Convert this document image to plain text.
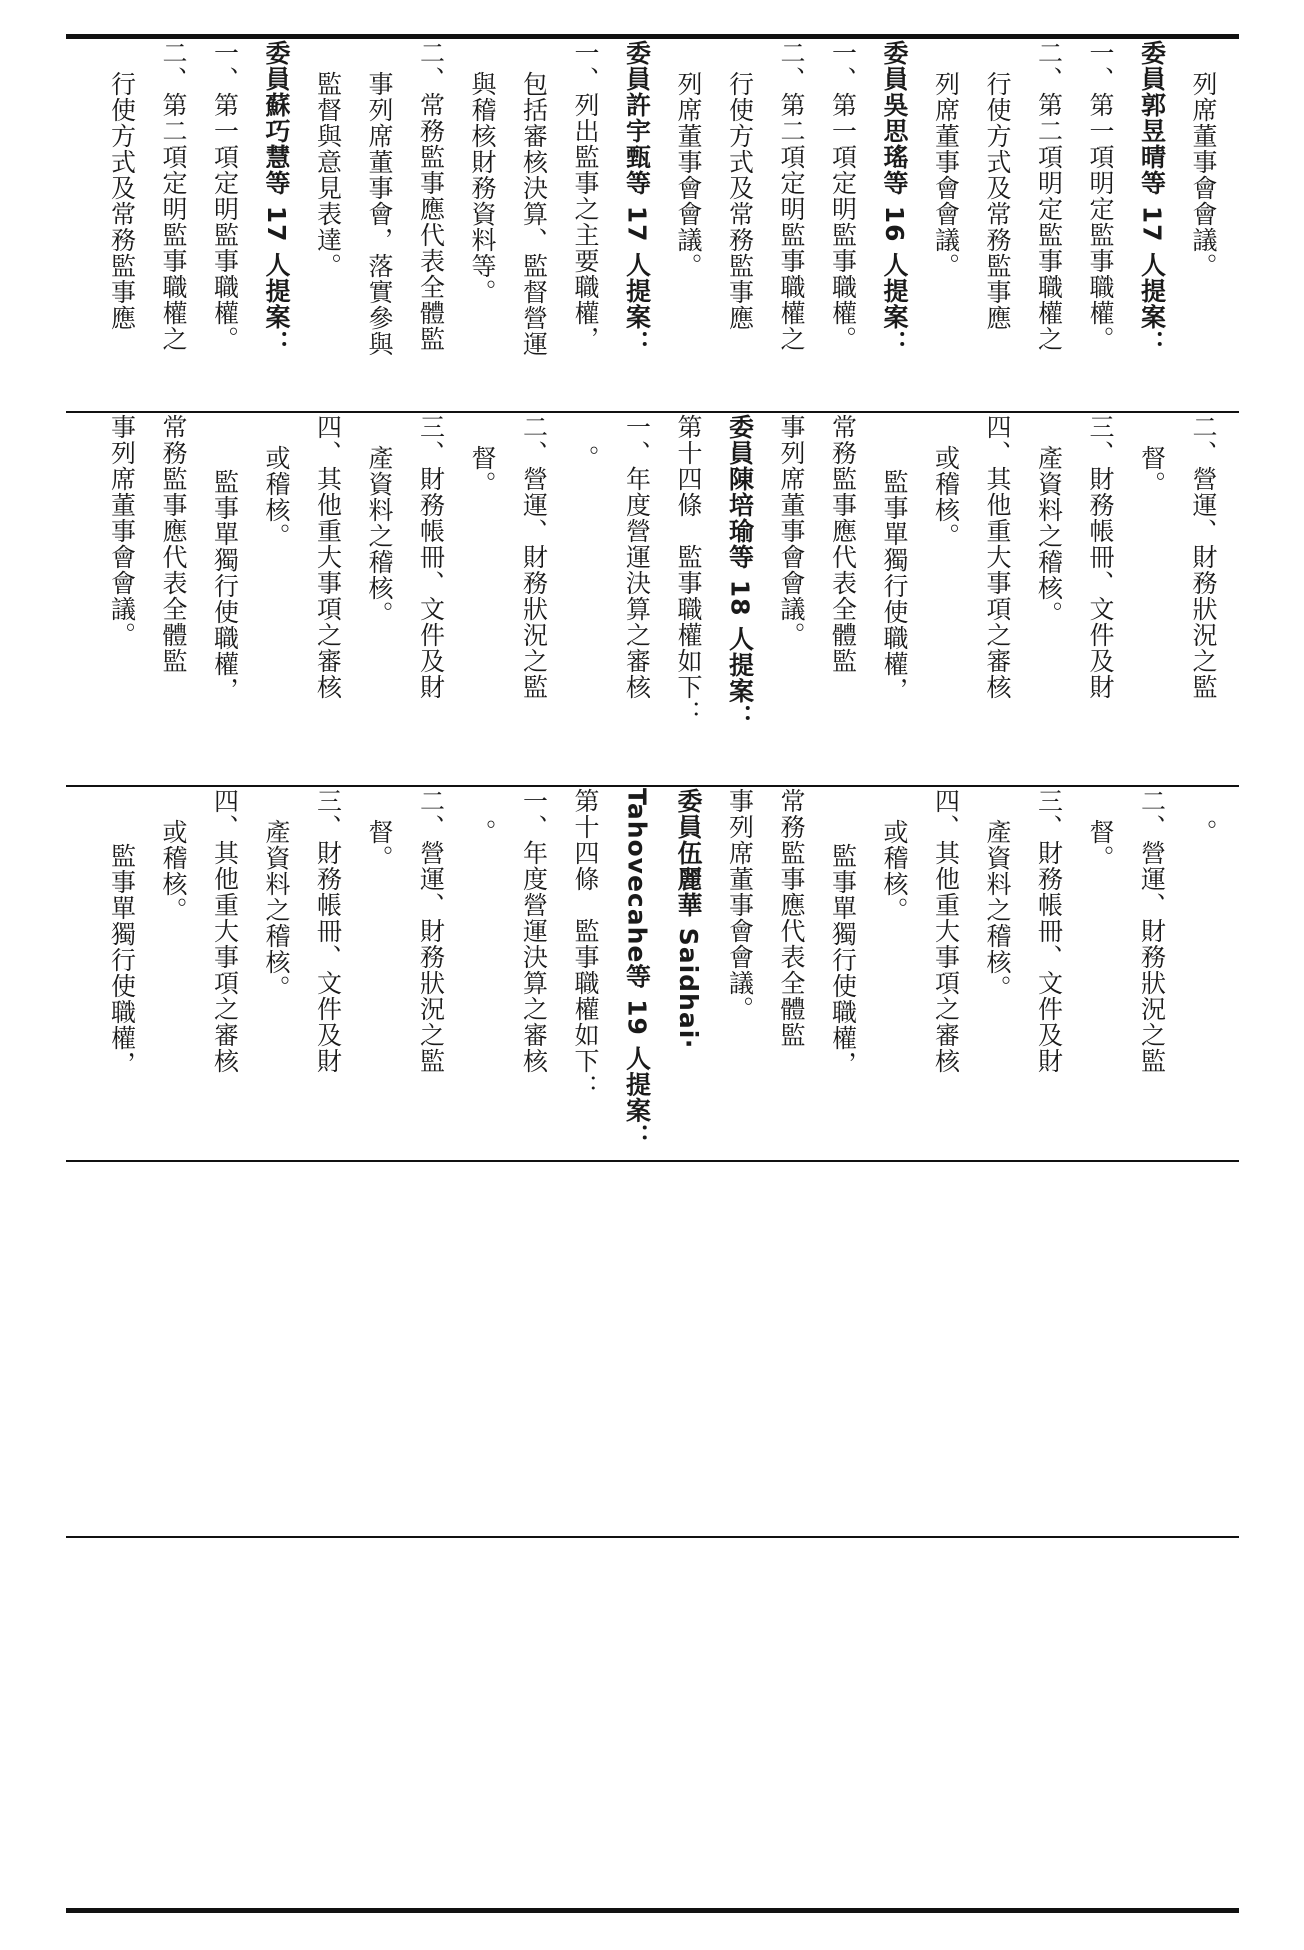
列席董事會會議。
委員郭昱晴等 17 人提案：
一、第一項明定監事職權。
二、第二項明定監事職權之
行使方式及常務監事應
列席董事會會議。
委員吳思瑤等 16 人提案：
一、第一項定明監事職權。
二、第二項定明監事職權之
行使方式及常務監事應
列席董事會會議。
委員許宇甄等 17 人提案：
一、列出監事之主要職權，
包括審核決算、監督營運
與稽核財務資料等。
二、常務監事應代表全體監
事列席董事會，落實參與
監督與意見表達。
委員蘇巧慧等 17 人提案：
一、第一項定明監事職權。
二、第二項定明監事職權之
行使方式及常務監事應
二、營運、財務狀況之監
督。
三、財務帳冊、文件及財
產資料之稽核。
四、其他重大事項之審核
或稽核。
監事單獨行使職權，
常務監事應代表全體監
事列席董事會會議。
委員陳培瑜等 18 人提案：
第十四條　監事職權如下：
一、年度營運決算之審核
。
二、營運、財務狀況之監
督。
三、財務帳冊、文件及財
產資料之稽核。
四、其他重大事項之審核
或稽核。
監事單獨行使職權，
常務監事應代表全體監
事列席董事會會議。
。
二、營運、財務狀況之監
督。
三、財務帳冊、文件及財
產資料之稽核。
四、其他重大事項之審核
或稽核。
監事單獨行使職權，
常務監事應代表全體監
事列席董事會會議。
委員伍麗華 Saidhai‧
Tahovecahe等 19 人提案：
第十四條　監事職權如下：
一、年度營運決算之審核
。
二、營運、財務狀況之監
督。
三、財務帳冊、文件及財
產資料之稽核。
四、其他重大事項之審核
或稽核。
監事單獨行使職權，
